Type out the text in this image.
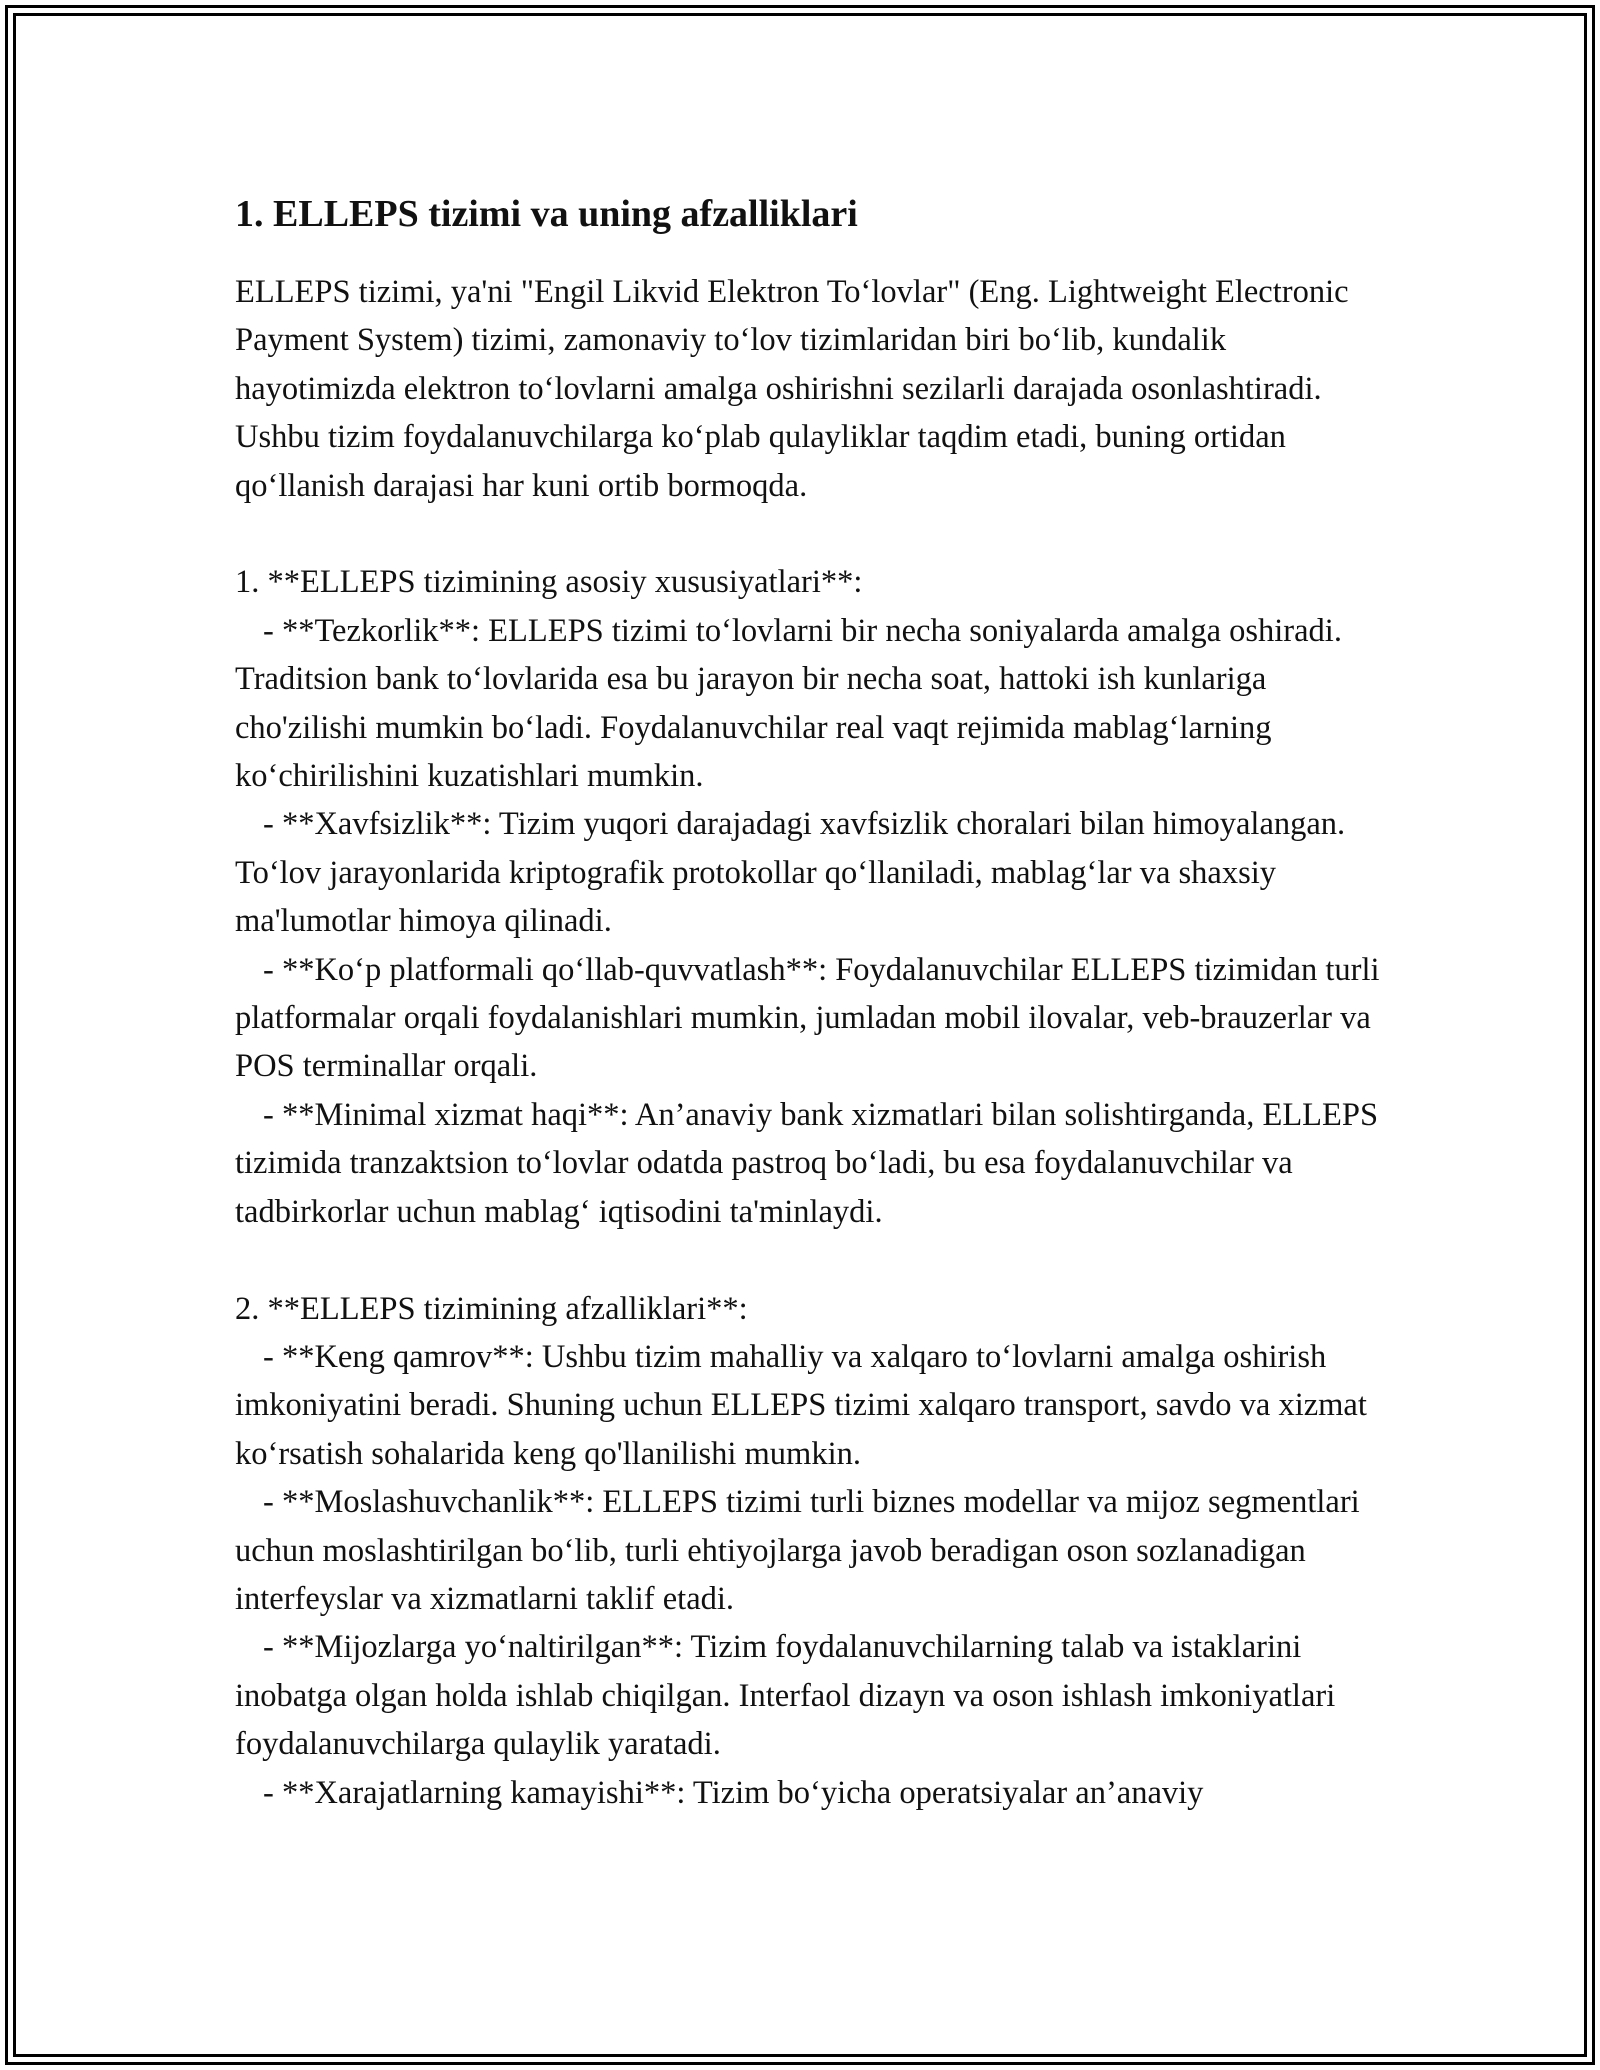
1. ELLEPS tizimi va uning afzalliklari

ELLEPS tizimi, ya'ni "Engil Likvid Elektron To‘lovlar" (Eng. Lightweight Electronic Payment System) tizimi, zamonaviy to‘lov tizimlaridan biri bo‘lib, kundalik hayotimizda elektron to‘lovlarni amalga oshirishni sezilarli darajada osonlashtiradi. Ushbu tizim foydalanuvchilarga ko‘plab qulayliklar taqdim etadi, buning ortidan qo‘llanish darajasi har kuni ortib bormoqda.

1. **ELLEPS tizimining asosiy xususiyatlari**:

- **Tezkorlik**: ELLEPS tizimi to‘lovlarni bir necha soniyalarda amalga oshiradi. Traditsion bank to‘lovlarida esa bu jarayon bir necha soat, hattoki ish kunlariga cho'zilishi mumkin bo‘ladi. Foydalanuvchilar real vaqt rejimida mablag‘larning ko‘chirilishini kuzatishlari mumkin.

- **Xavfsizlik**: Tizim yuqori darajadagi xavfsizlik choralari bilan himoyalangan. To‘lov jarayonlarida kriptografik protokollar qo‘llaniladi, mablag‘lar va shaxsiy ma'lumotlar himoya qilinadi.

- **Ko‘p platformali qo‘llab-quvvatlash**: Foydalanuvchilar ELLEPS tizimidan turli platformalar orqali foydalanishlari mumkin, jumladan mobil ilovalar, veb-brauzerlar va POS terminallar orqali.

- **Minimal xizmat haqi**: An’anaviy bank xizmatlari bilan solishtirganda, ELLEPS tizimida tranzaktsion to‘lovlar odatda pastroq bo‘ladi, bu esa foydalanuvchilar va tadbirkorlar uchun mablag‘ iqtisodini ta'minlaydi.

2. **ELLEPS tizimining afzalliklari**:

- **Keng qamrov**: Ushbu tizim mahalliy va xalqaro to‘lovlarni amalga oshirish imkoniyatini beradi. Shuning uchun ELLEPS tizimi xalqaro transport, savdo va xizmat ko‘rsatish sohalarida keng qo'llanilishi mumkin.

- **Moslashuvchanlik**: ELLEPS tizimi turli biznes modellar va mijoz segmentlari uchun moslashtirilgan bo‘lib, turli ehtiyojlarga javob beradigan oson sozlanadigan interfeyslar va xizmatlarni taklif etadi.

- **Mijozlarga yo‘naltirilgan**: Tizim foydalanuvchilarning talab va istaklarini inobatga olgan holda ishlab chiqilgan. Interfaol dizayn va oson ishlash imkoniyatlari foydalanuvchilarga qulaylik yaratadi.

- **Xarajatlarning kamayishi**: Tizim bo‘yicha operatsiyalar an’anaviy
